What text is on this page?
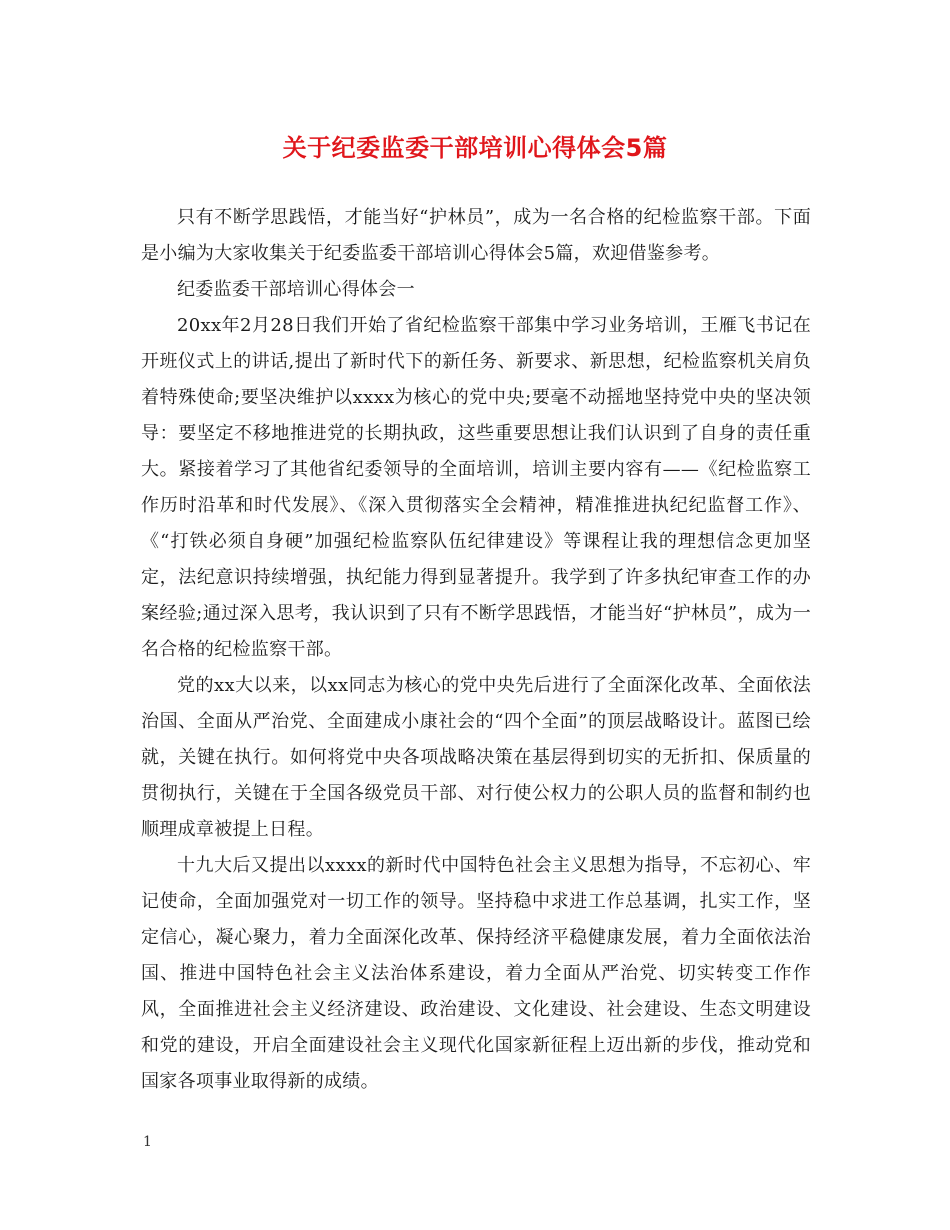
关于纪委监委干部培训心得体会5篇

只有不断学思践悟，才能当好“护林员”，成为一名合格的纪检监察干部。下面是小编为大家收集关于纪委监委干部培训心得体会5篇，欢迎借鉴参考。

纪委监委干部培训心得体会一

20xx年2月28日我们开始了省纪检监察干部集中学习业务培训，王雁飞书记在开班仪式上的讲话,提出了新时代下的新任务、新要求、新思想，纪检监察机关肩负着特殊使命;要坚决维护以xxxx为核心的党中央;要毫不动摇地坚持党中央的坚决领导：要坚定不移地推进党的长期执政，这些重要思想让我们认识到了自身的责任重大。紧接着学习了其他省纪委领导的全面培训，培训主要内容有——《纪检监察工作历时沿革和时代发展》、《深入贯彻落实全会精神，精准推进执纪纪监督工作》、《“打铁必须自身硬”加强纪检监察队伍纪律建设》等课程让我的理想信念更加坚定，法纪意识持续增强，执纪能力得到显著提升。我学到了许多执纪审查工作的办案经验;通过深入思考，我认识到了只有不断学思践悟，才能当好“护林员”，成为一名合格的纪检监察干部。

党的xx大以来，以xx同志为核心的党中央先后进行了全面深化改革、全面依法治国、全面从严治党、全面建成小康社会的“四个全面”的顶层战略设计。蓝图已绘就，关键在执行。如何将党中央各项战略决策在基层得到切实的无折扣、保质量的贯彻执行，关键在于全国各级党员干部、对行使公权力的公职人员的监督和制约也顺理成章被提上日程。

十九大后又提出以xxxx的新时代中国特色社会主义思想为指导，不忘初心、牢记使命，全面加强党对一切工作的领导。坚持稳中求进工作总基调，扎实工作，坚定信心，凝心聚力，着力全面深化改革、保持经济平稳健康发展，着力全面依法治国、推进中国特色社会主义法治体系建设，着力全面从严治党、切实转变工作作风，全面推进社会主义经济建设、政治建设、文化建设、社会建设、生态文明建设和党的建设，开启全面建设社会主义现代化国家新征程上迈出新的步伐，推动党和国家各项事业取得新的成绩。

1
